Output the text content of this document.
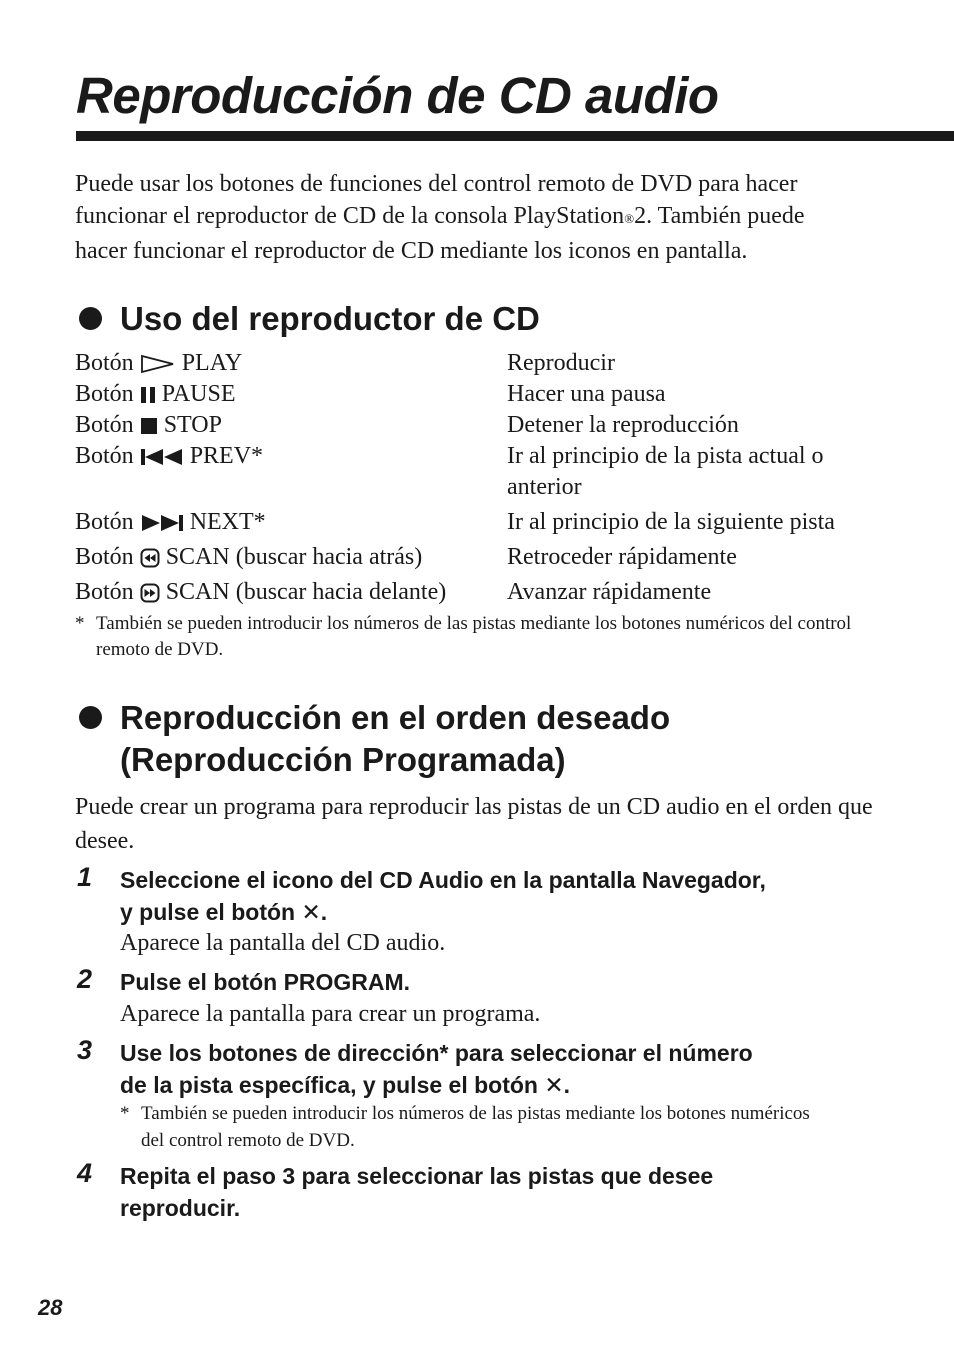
Reproducción de CD audio

Puede usar los botones de funciones del control remoto de DVD para hacer
funcionar el reproductor de CD de la consola PlayStation®2. También puede
hacer funcionar el reproductor de CD mediante los iconos en pantalla.

Uso del reproductor de CD
Botón PLAY	Reproducir
Botón PAUSE	Hacer una pausa
Botón STOP	Detener la reproducción
Botón PREV*	Ir al principio de la pista actual o anterior
Botón NEXT*	Ir al principio de la siguiente pista
Botón SCAN (buscar hacia atrás)	Retroceder rápidamente
Botón SCAN (buscar hacia delante)	Avanzar rápidamente

* También se pueden introducir los números de las pistas mediante los botones numéricos del control remoto de DVD.

Reproducción en el orden deseado
(Reproducción Programada)

Puede crear un programa para reproducir las pistas de un CD audio en el orden que desee.

1 Seleccione el icono del CD Audio en la pantalla Navegador,
y pulse el botón ✕.

Aparece la pantalla del CD audio.

2 Pulse el botón PROGRAM.

Aparece la pantalla para crear un programa.

3 Use los botones de dirección* para seleccionar el número
de la pista específica, y pulse el botón ✕.

* También se pueden introducir los números de las pistas mediante los botones numéricos del control remoto de DVD.

4 Repita el paso 3 para seleccionar las pistas que desee
reproducir.

28
